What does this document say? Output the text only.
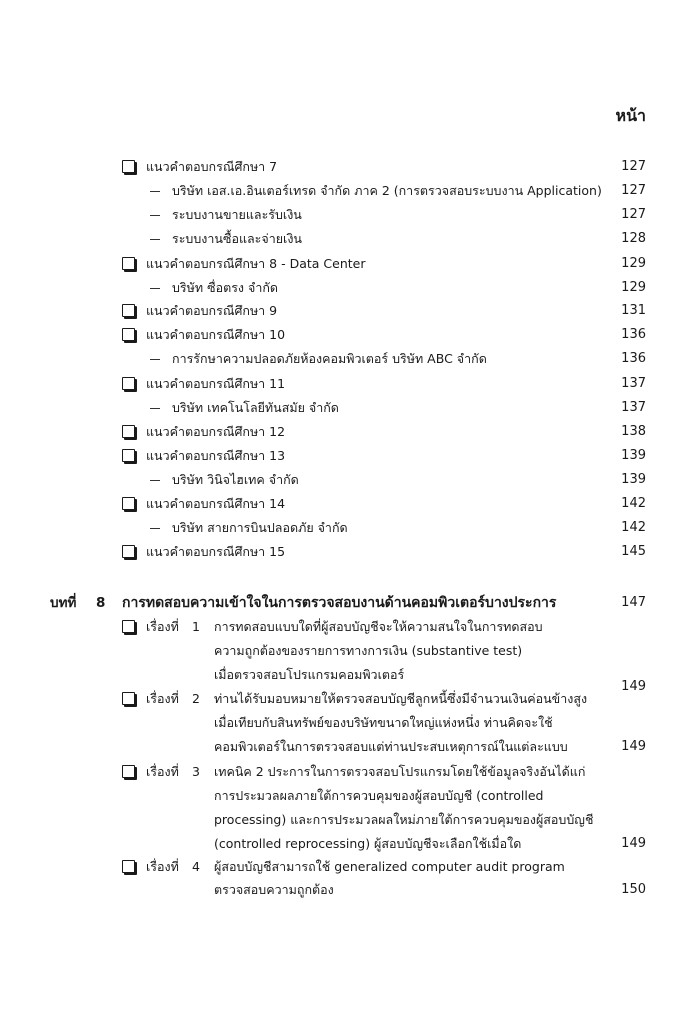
หน้า
แนวคำตอบกรณีศึกษา 7	127
บริษัท เอส.เอ.อินเตอร์เทรด จำกัด ภาค 2 (การตรวจสอบระบบงาน Application) 127
ระบบงานขายและรับเงิน	127
ระบบงานซื้อและจ่ายเงิน	128
แนวคำตอบกรณีศึกษา 8 - Data Center	129
บริษัท ซื่อตรง จำกัด	129
แนวคำตอบกรณีศึกษา 9	131
แนวคำตอบกรณีศึกษา 10	136
การรักษาความปลอดภัยห้องคอมพิวเตอร์ บริษัท ABC จำกัด	136
แนวคำตอบกรณีศึกษา 11	137
บริษัท เทคโนโลยีทันสมัย จำกัด	137
แนวคำตอบกรณีศึกษา 12	138
แนวคำตอบกรณีศึกษา 13	139
บริษัท วินิจไฮเทค จำกัด	139
แนวคำตอบกรณีศึกษา 14	142
บริษัท สายการบินปลอดภัย จำกัด	142
แนวคำตอบกรณีศึกษา 15	145
บทที่ 8 การทดสอบความเข้าใจในการตรวจสอบงานด้านคอมพิวเตอร์บางประการ	147
เรื่องที่ 1 การทดสอบแบบใดที่ผู้สอบบัญชีจะให้ความสนใจในการทดสอบ
ความถูกต้องของรายการทางการเงิน (substantive test)
เมื่อตรวจสอบโปรแกรมคอมพิวเตอร์
149
เรื่องที่ 2 ท่านได้รับมอบหมายให้ตรวจสอบบัญชีลูกหนี้ซึ่งมีจำนวนเงินค่อนข้างสูง
เมื่อเทียบกับสินทรัพย์ของบริษัทขนาดใหญ่แห่งหนึ่ง ท่านคิดจะใช้
คอมพิวเตอร์ในการตรวจสอบแต่ท่านประสบเหตุการณ์ในแต่ละแบบ	149
เรื่องที่ 3 เทคนิค 2 ประการในการตรวจสอบโปรแกรมโดยใช้ข้อมูลจริงอันได้แก่
การประมวลผลภายใต้การควบคุมของผู้สอบบัญชี (controlled
processing) และการประมวลผลใหม่ภายใต้การควบคุมของผู้สอบบัญชี
(controlled reprocessing) ผู้สอบบัญชีจะเลือกใช้เมื่อใด	149
เรื่องที่ 4 ผู้สอบบัญชีสามารถใช้ generalized computer audit program
ตรวจสอบความถูกต้อง	150
